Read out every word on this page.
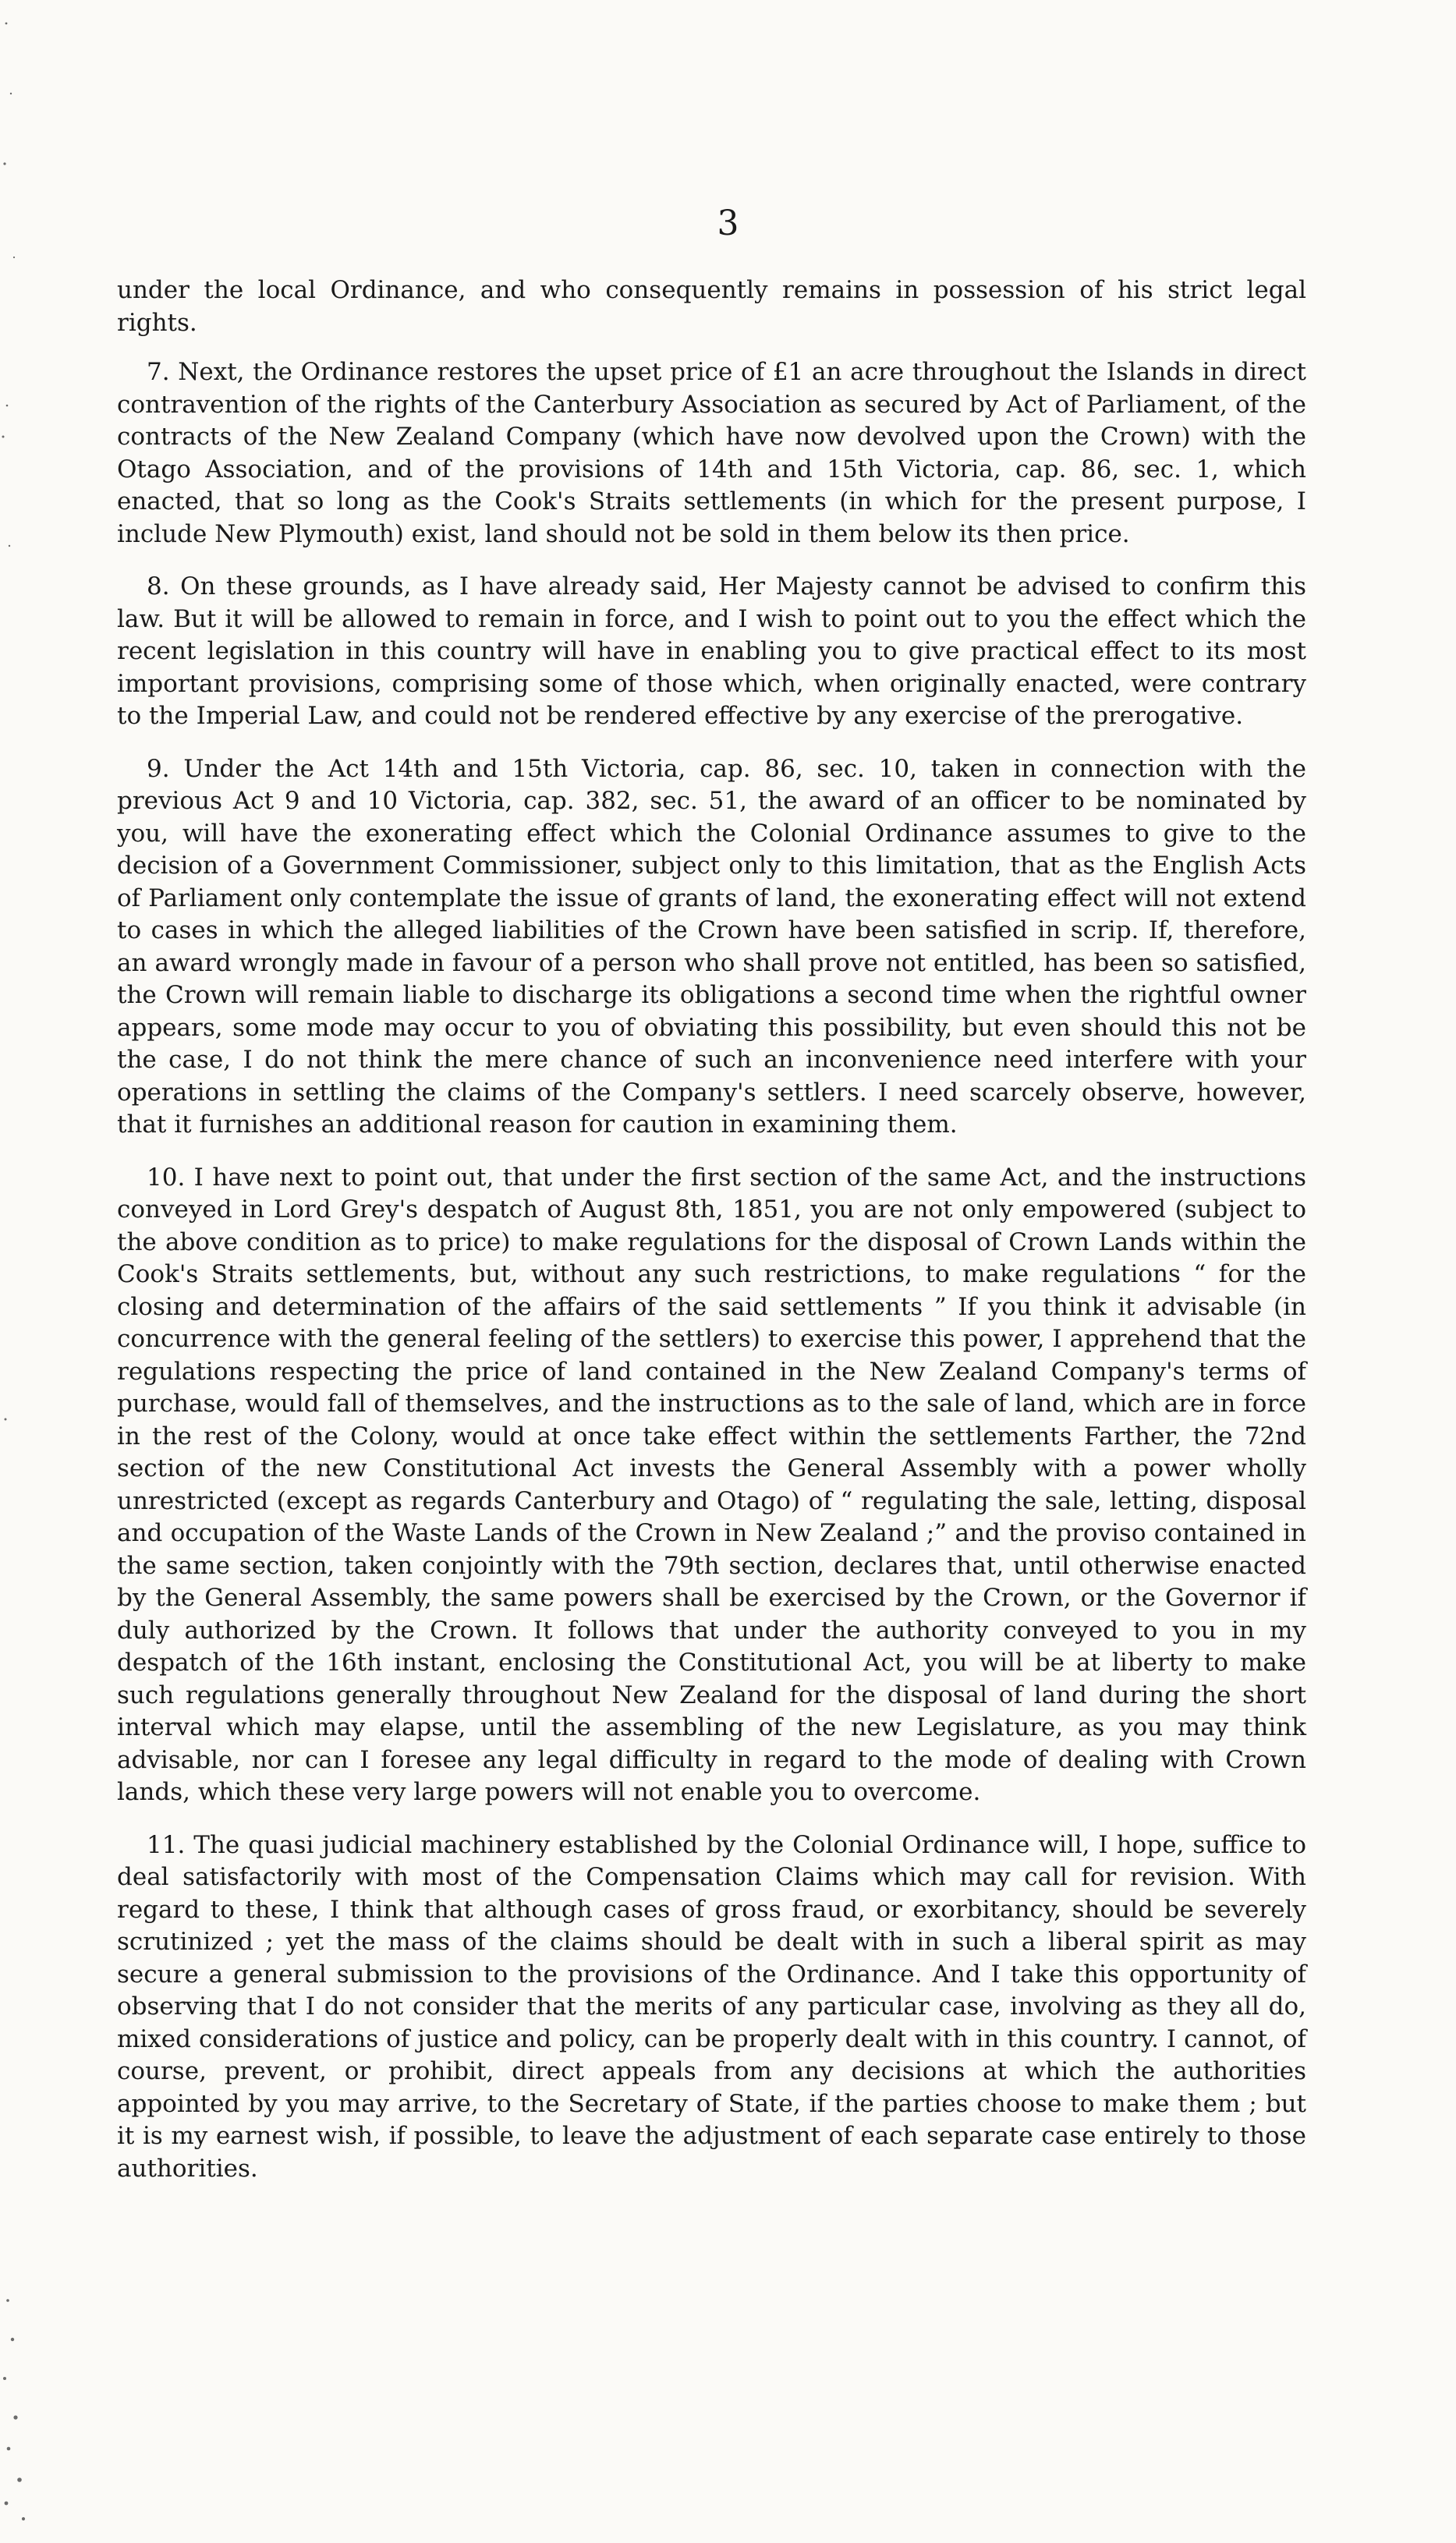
3

under the local Ordinance, and who consequently remains in possession of his strict legal rights.

7. Next, the Ordinance restores the upset price of £1 an acre throughout the Islands in direct contravention of the rights of the Canterbury Association as secured by Act of Parliament, of the contracts of the New Zealand Company (which have now devolved upon the Crown) with the Otago Association, and of the provisions of 14th and 15th Victoria, cap. 86, sec. 1, which enacted, that so long as the Cook's Straits settlements (in which for the present purpose, I include New Plymouth) exist, land should not be sold in them below its then price.

8. On these grounds, as I have already said, Her Majesty cannot be advised to confirm this law. But it will be allowed to remain in force, and I wish to point out to you the effect which the recent legislation in this country will have in enabling you to give practical effect to its most important provisions, comprising some of those which, when originally enacted, were contrary to the Imperial Law, and could not be rendered effective by any exercise of the prerogative.

9. Under the Act 14th and 15th Victoria, cap. 86, sec. 10, taken in connection with the previous Act 9 and 10 Victoria, cap. 382, sec. 51, the award of an officer to be nominated by you, will have the exonerating effect which the Colonial Ordinance assumes to give to the decision of a Government Commissioner, subject only to this limitation, that as the English Acts of Parliament only contemplate the issue of grants of land, the exonerating effect will not extend to cases in which the alleged liabilities of the Crown have been satisfied in scrip. If, therefore, an award wrongly made in favour of a person who shall prove not entitled, has been so satisfied, the Crown will remain liable to discharge its obligations a second time when the rightful owner appears, some mode may occur to you of obviating this possibility, but even should this not be the case, I do not think the mere chance of such an inconvenience need interfere with your operations in settling the claims of the Company's settlers. I need scarcely observe, however, that it furnishes an additional reason for caution in examining them.

10. I have next to point out, that under the first section of the same Act, and the instructions conveyed in Lord Grey's despatch of August 8th, 1851, you are not only empowered (subject to the above condition as to price) to make regulations for the disposal of Crown Lands within the Cook's Straits settlements, but, without any such restrictions, to make regulations “ for the closing and determination of the affairs of the said settlements ” If you think it advisable (in concurrence with the general feeling of the settlers) to exercise this power, I apprehend that the regulations respecting the price of land contained in the New Zealand Company's terms of purchase, would fall of themselves, and the instructions as to the sale of land, which are in force in the rest of the Colony, would at once take effect within the settlements Farther, the 72nd section of the new Constitutional Act invests the General Assembly with a power wholly unrestricted (except as regards Canterbury and Otago) of “ regulating the sale, letting, disposal and occupation of the Waste Lands of the Crown in New Zealand ;” and the proviso contained in the same section, taken conjointly with the 79th section, declares that, until otherwise enacted by the General Assembly, the same powers shall be exercised by the Crown, or the Governor if duly authorized by the Crown. It follows that under the authority conveyed to you in my despatch of the 16th instant, enclosing the Constitutional Act, you will be at liberty to make such regulations generally throughout New Zealand for the disposal of land during the short interval which may elapse, until the assembling of the new Legislature, as you may think advisable, nor can I foresee any legal difficulty in regard to the mode of dealing with Crown lands, which these very large powers will not enable you to overcome.

11. The quasi judicial machinery established by the Colonial Ordinance will, I hope, suffice to deal satisfactorily with most of the Compensation Claims which may call for revision. With regard to these, I think that although cases of gross fraud, or exorbitancy, should be severely scrutinized ; yet the mass of the claims should be dealt with in such a liberal spirit as may secure a general submission to the provisions of the Ordinance. And I take this opportunity of observing that I do not consider that the merits of any particular case, involving as they all do, mixed considerations of justice and policy, can be properly dealt with in this country. I cannot, of course, prevent, or prohibit, direct appeals from any decisions at which the authorities appointed by you may arrive, to the Secretary of State, if the parties choose to make them ; but it is my earnest wish, if possible, to leave the adjustment of each separate case entirely to those authorities.
